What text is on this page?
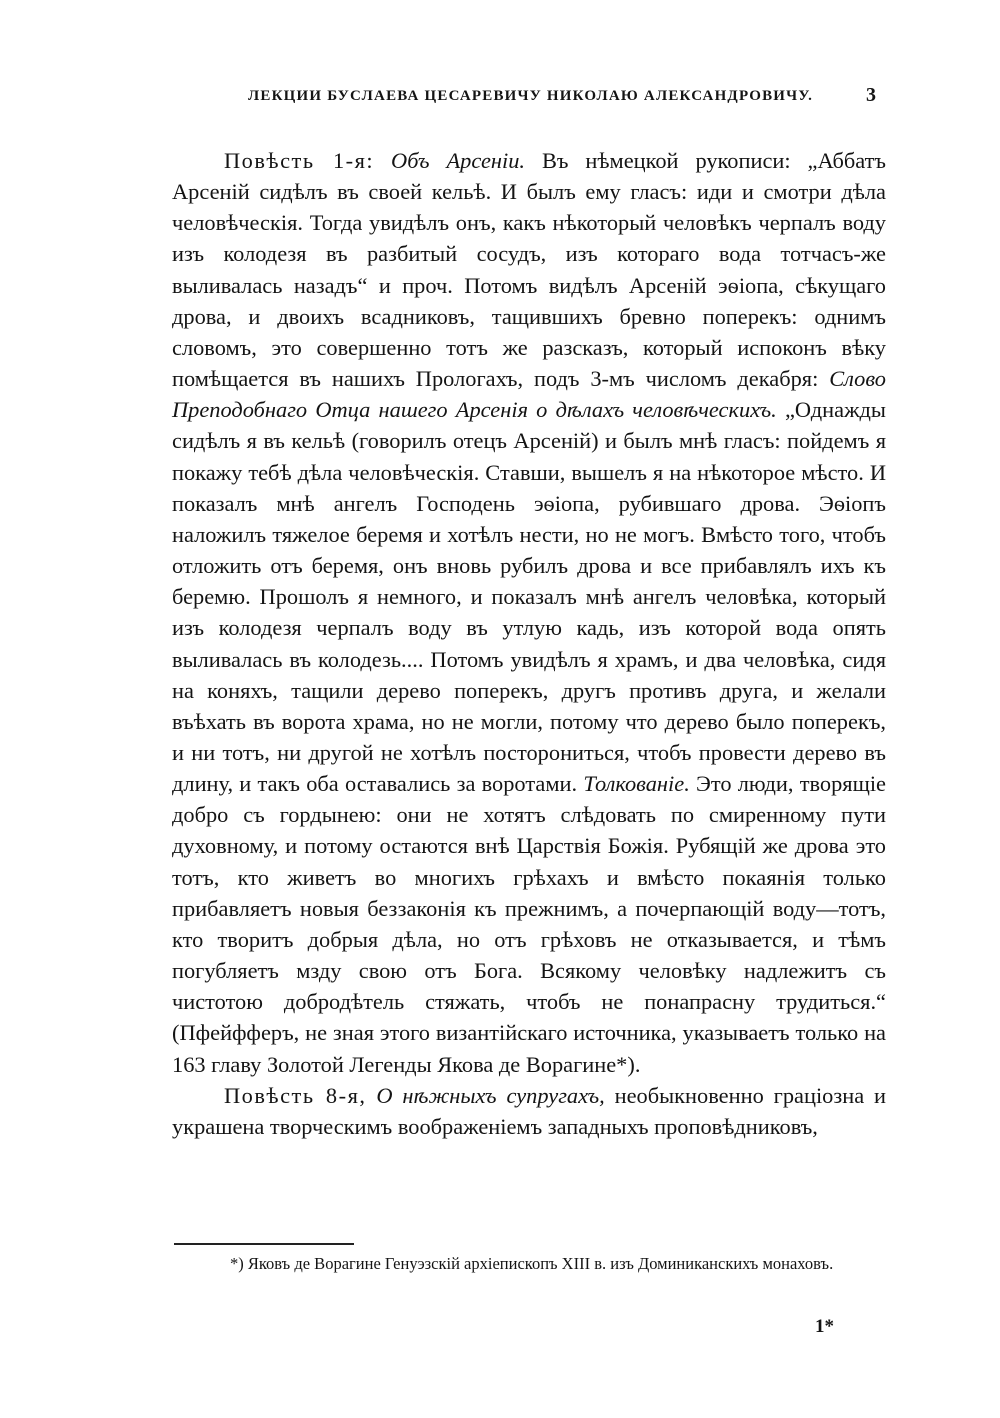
ЛЕКЦИИ БУСЛАЕВА ЦЕСАРЕВИЧУ НИКОЛАЮ АЛЕКСАНДРОВИЧУ.	3

Повѣсть 1-я: Объ Арсеніи. Въ нѣмецкой рукописи: „Аббатъ Арсеній сидѣлъ въ своей кельѣ. И былъ ему гласъ: иди и смотри дѣла человѣческія. Тогда увидѣлъ онъ, какъ нѣкоторый человѣкъ черпалъ воду изъ колодезя въ разбитый сосудъ, изъ котораго вода тотчасъ-же выливалась назадъ“ и проч. Потомъ видѣлъ Арсеній эѳіопа, сѣкущаго дрова, и двоихъ всадниковъ, тащившихъ бревно поперекъ: однимъ словомъ, это совершенно тотъ же разсказъ, который испоконъ вѣку помѣщается въ нашихъ Прологахъ, подъ 3-мъ числомъ декабря: Слово Преподобнаго Отца нашего Арсенія о дѣлахъ человѣческихъ. „Однажды сидѣлъ я въ кельѣ (говорилъ отецъ Арсеній) и былъ мнѣ гласъ: пойдемъ я покажу тебѣ дѣла человѣческія. Ставши, вышелъ я на нѣкоторое мѣсто. И показалъ мнѣ ангелъ Господень эѳіопа, рубившаго дрова. Эѳіопъ наложилъ тяжелое беремя и хотѣлъ нести, но не могъ. Вмѣсто того, чтобъ отложить отъ беремя, онъ вновь рубилъ дрова и все прибавлялъ ихъ къ беремю. Прошолъ я немного, и показалъ мнѣ ангелъ человѣка, который изъ колодезя черпалъ воду въ утлую кадь, изъ которой вода опять выливалась въ колодезь.... Потомъ увидѣлъ я храмъ, и два человѣка, сидя на коняхъ, тащили дерево поперекъ, другъ противъ друга, и желали въѣхать въ ворота храма, но не могли, потому что дерево было поперекъ, и ни тотъ, ни другой не хотѣлъ посторониться, чтобъ провести дерево въ длину, и такъ оба оставались за воротами. Толкованіе. Это люди, творящіе добро съ гордынею: они не хотятъ слѣдовать по смиренному пути духовному, и потому остаются внѣ Царствія Божія. Рубящій же дрова это тотъ, кто живетъ во многихъ грѣхахъ и вмѣсто покаянія только прибавляетъ новыя беззаконія къ прежнимъ, а почерпающій воду—тотъ, кто творитъ добрыя дѣла, но отъ грѣховъ не отказывается, и тѣмъ погубляетъ мзду свою отъ Бога. Всякому человѣку надлежитъ съ чистотою добродѣтель стяжать, чтобъ не понапрасну трудиться.“ (Пфейфферъ, не зная этого византійскаго источника, указываетъ только на 163 главу Золотой Легенды Якова де Ворагине*).

Повѣсть 8-я, О нѣжныхъ супругахъ, необыкновенно граціозна и украшена творческимъ воображеніемъ западныхъ проповѣдниковъ,

*) Яковъ де Ворагине Генуэзскій архіепископъ XIII в. изъ Доминиканскихъ монаховъ.

1*
